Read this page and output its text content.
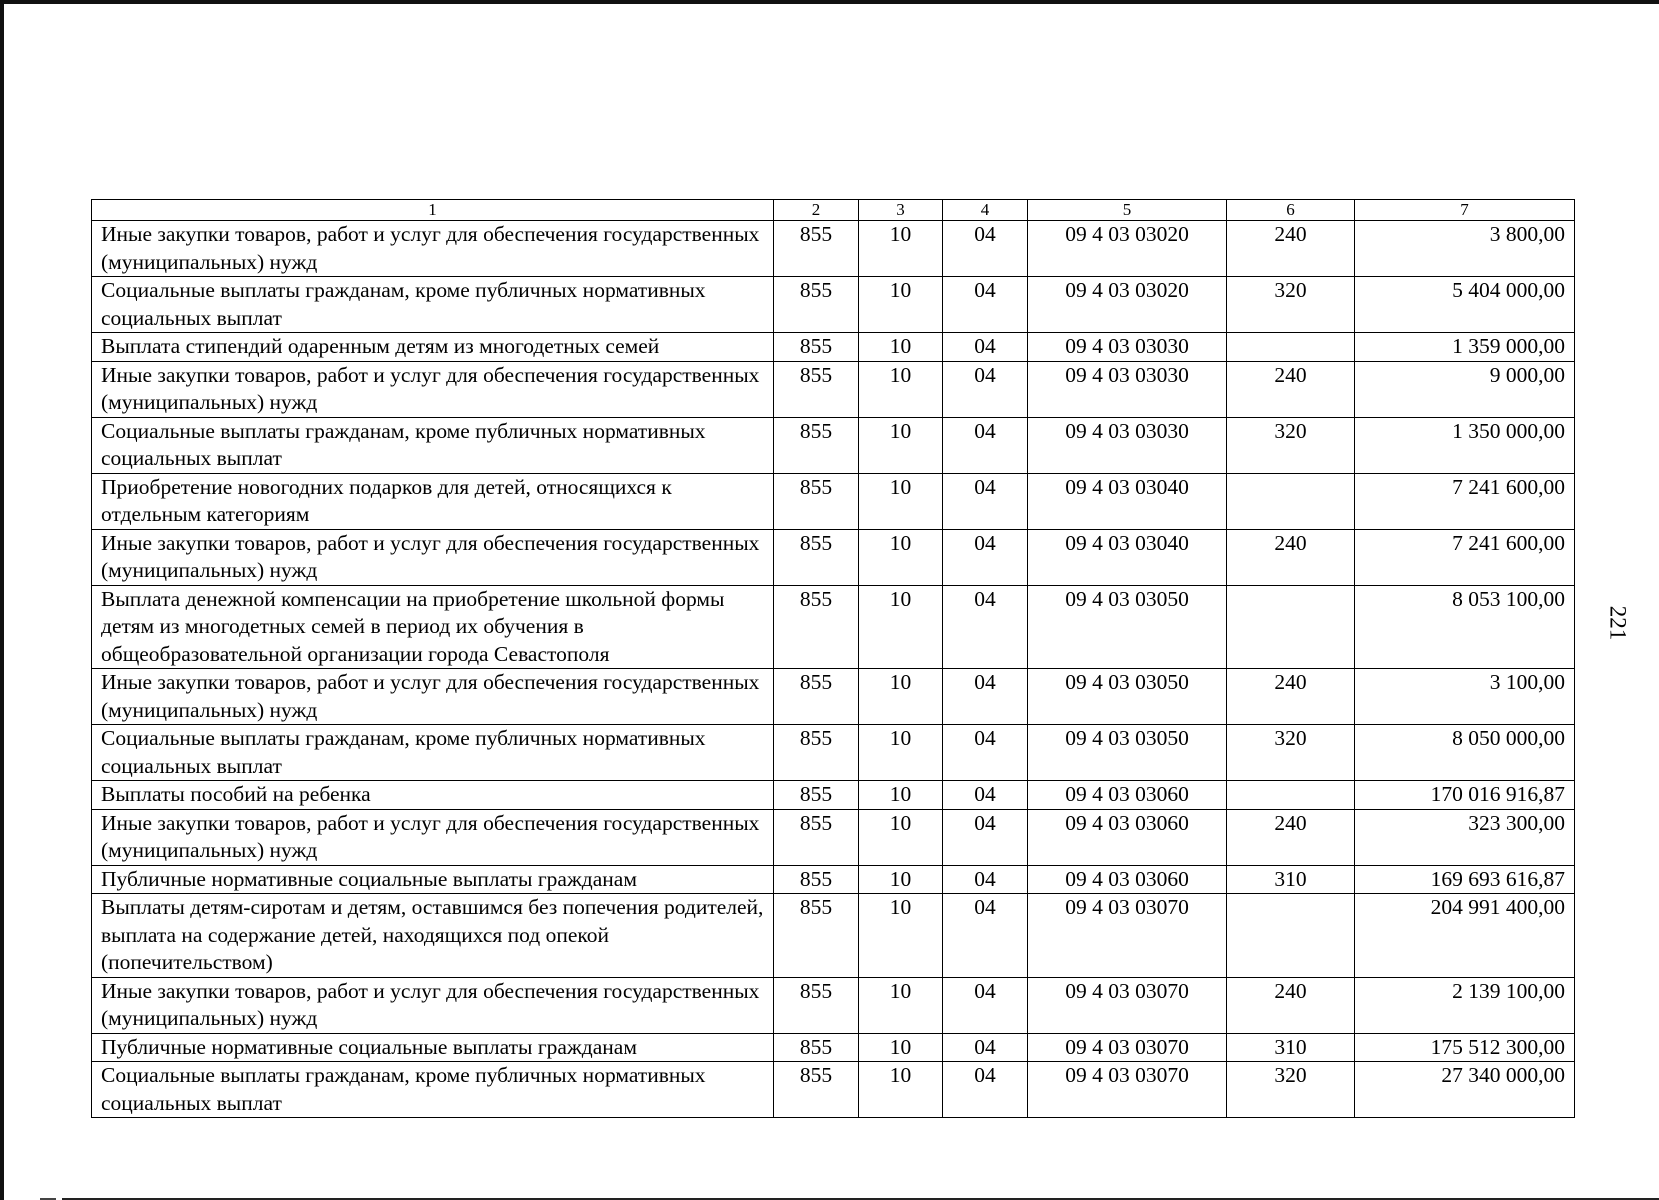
1	2	3	4	5	6	7
Иные закупки товаров, работ и услуг для обеспечения государственных (муниципальных) нужд	855	10	04	09 4 03 03020	240	3 800,00
Социальные выплаты гражданам, кроме публичных нормативных социальных выплат	855	10	04	09 4 03 03020	320	5 404 000,00
Выплата стипендий одаренным детям из многодетных семей	855	10	04	09 4 03 03030		1 359 000,00
Иные закупки товаров, работ и услуг для обеспечения государственных (муниципальных) нужд	855	10	04	09 4 03 03030	240	9 000,00
Социальные выплаты гражданам, кроме публичных нормативных социальных выплат	855	10	04	09 4 03 03030	320	1 350 000,00
Приобретение новогодних подарков для детей, относящихся к отдельным категориям	855	10	04	09 4 03 03040		7 241 600,00
Иные закупки товаров, работ и услуг для обеспечения государственных (муниципальных) нужд	855	10	04	09 4 03 03040	240	7 241 600,00
Выплата денежной компенсации на приобретение школьной формы детям из многодетных семей в период их обучения в общеобразовательной организации города Севастополя	855	10	04	09 4 03 03050		8 053 100,00
Иные закупки товаров, работ и услуг для обеспечения государственных (муниципальных) нужд	855	10	04	09 4 03 03050	240	3 100,00
Социальные выплаты гражданам, кроме публичных нормативных социальных выплат	855	10	04	09 4 03 03050	320	8 050 000,00
Выплаты пособий на ребенка	855	10	04	09 4 03 03060		170 016 916,87
Иные закупки товаров, работ и услуг для обеспечения государственных (муниципальных) нужд	855	10	04	09 4 03 03060	240	323 300,00
Публичные нормативные социальные выплаты гражданам	855	10	04	09 4 03 03060	310	169 693 616,87
Выплаты детям-сиротам и детям, оставшимся без попечения родителей, выплата на содержание детей, находящихся под опекой (попечительством)	855	10	04	09 4 03 03070		204 991 400,00
Иные закупки товаров, работ и услуг для обеспечения государственных (муниципальных) нужд	855	10	04	09 4 03 03070	240	2 139 100,00
Публичные нормативные социальные выплаты гражданам	855	10	04	09 4 03 03070	310	175 512 300,00
Социальные выплаты гражданам, кроме публичных нормативных социальных выплат	855	10	04	09 4 03 03070	320	27 340 000,00
221
